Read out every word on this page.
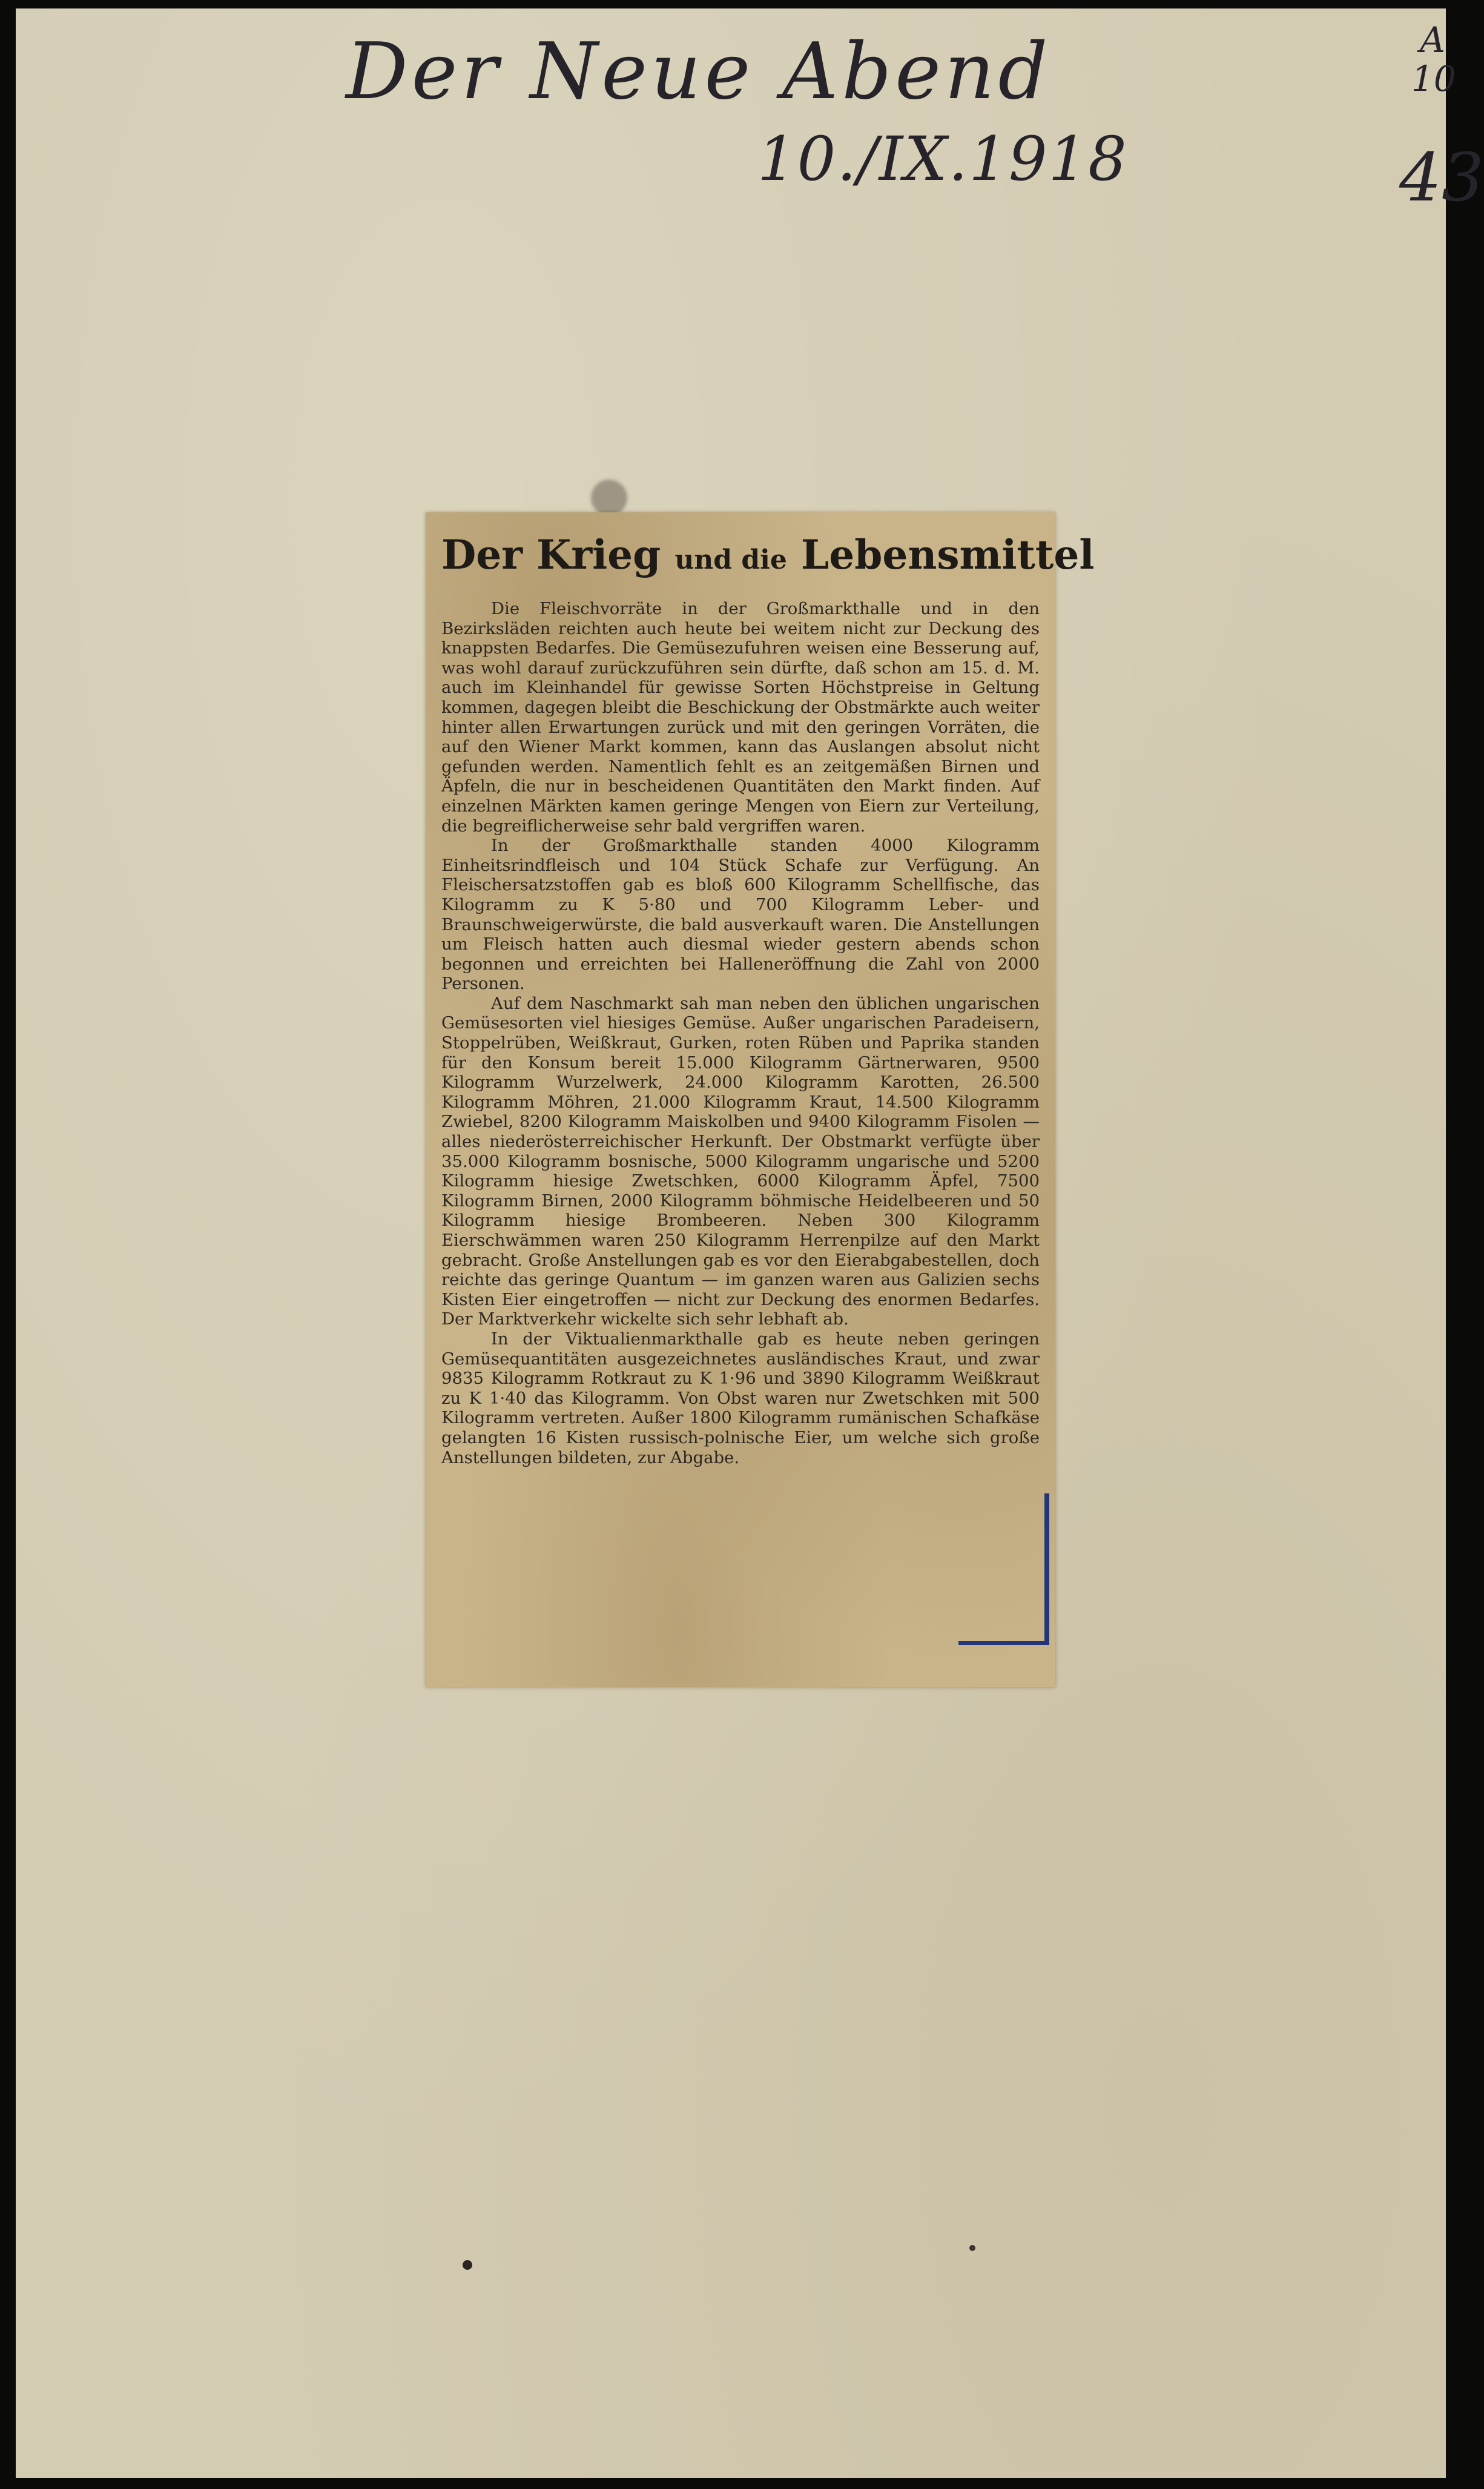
Der Neue Abend
10./IX.1918
A 10
43
Der Krieg und die Lebensmittel

Die Fleischvorräte in der Großmarkthalle und in den Bezirksläden reichten auch heute bei weitem nicht zur Deckung des knappsten Bedarfes. Die Gemüsezufuhren weisen eine Besserung auf, was wohl darauf zurückzuführen sein dürfte, daß schon am 15. d. M. auch im Kleinhandel für gewisse Sorten Höchstpreise in Geltung kommen, dagegen bleibt die Beschickung der Obstmärkte auch weiter hinter allen Erwartungen zurück und mit den geringen Vorräten, die auf den Wiener Markt kommen, kann das Auslangen absolut nicht gefunden werden. Namentlich fehlt es an zeitgemäßen Birnen und Äpfeln, die nur in bescheidenen Quantitäten den Markt finden. Auf einzelnen Märkten kamen geringe Mengen von Eiern zur Verteilung, die begreiflicherweise sehr bald vergriffen waren.

In der Großmarkthalle standen 4000 Kilogramm Einheitsrindfleisch und 104 Stück Schafe zur Verfügung. An Fleischersatzstoffen gab es bloß 600 Kilogramm Schellfische, das Kilogramm zu K 5·80 und 700 Kilogramm Leber- und Braunschweigerwürste, die bald ausverkauft waren. Die Anstellungen um Fleisch hatten auch diesmal wieder gestern abends schon begonnen und erreichten bei Halleneröffnung die Zahl von 2000 Personen.

Auf dem Naschmarkt sah man neben den üblichen ungarischen Gemüsesorten viel hiesiges Gemüse. Außer ungarischen Paradeisern, Stoppelrüben, Weißkraut, Gurken, roten Rüben und Paprika standen für den Konsum bereit 15.000 Kilogramm Gärtnerwaren, 9500 Kilogramm Wurzelwerk, 24.000 Kilogramm Karotten, 26.500 Kilogramm Möhren, 21.000 Kilogramm Kraut, 14.500 Kilogramm Zwiebel, 8200 Kilogramm Maiskolben und 9400 Kilogramm Fisolen — alles niederösterreichischer Herkunft. Der Obstmarkt verfügte über 35.000 Kilogramm bosnische, 5000 Kilogramm ungarische und 5200 Kilogramm hiesige Zwetschken, 6000 Kilogramm Äpfel, 7500 Kilogramm Birnen, 2000 Kilogramm böhmische Heidelbeeren und 50 Kilogramm hiesige Brombeeren. Neben 300 Kilogramm Eierschwämmen waren 250 Kilogramm Herrenpilze auf den Markt gebracht. Große Anstellungen gab es vor den Eierabgabestellen, doch reichte das geringe Quantum — im ganzen waren aus Galizien sechs Kisten Eier eingetroffen — nicht zur Deckung des enormen Bedarfes. Der Marktverkehr wickelte sich sehr lebhaft ab.

In der Viktualienmarkthalle gab es heute neben geringen Gemüsequantitäten ausgezeichnetes ausländisches Kraut, und zwar 9835 Kilogramm Rotkraut zu K 1·96 und 3890 Kilogramm Weißkraut zu K 1·40 das Kilogramm. Von Obst waren nur Zwetschken mit 500 Kilogramm vertreten. Außer 1800 Kilogramm rumänischen Schafkäse gelangten 16 Kisten russisch-polnische Eier, um welche sich große Anstellungen bildeten, zur Abgabe.
